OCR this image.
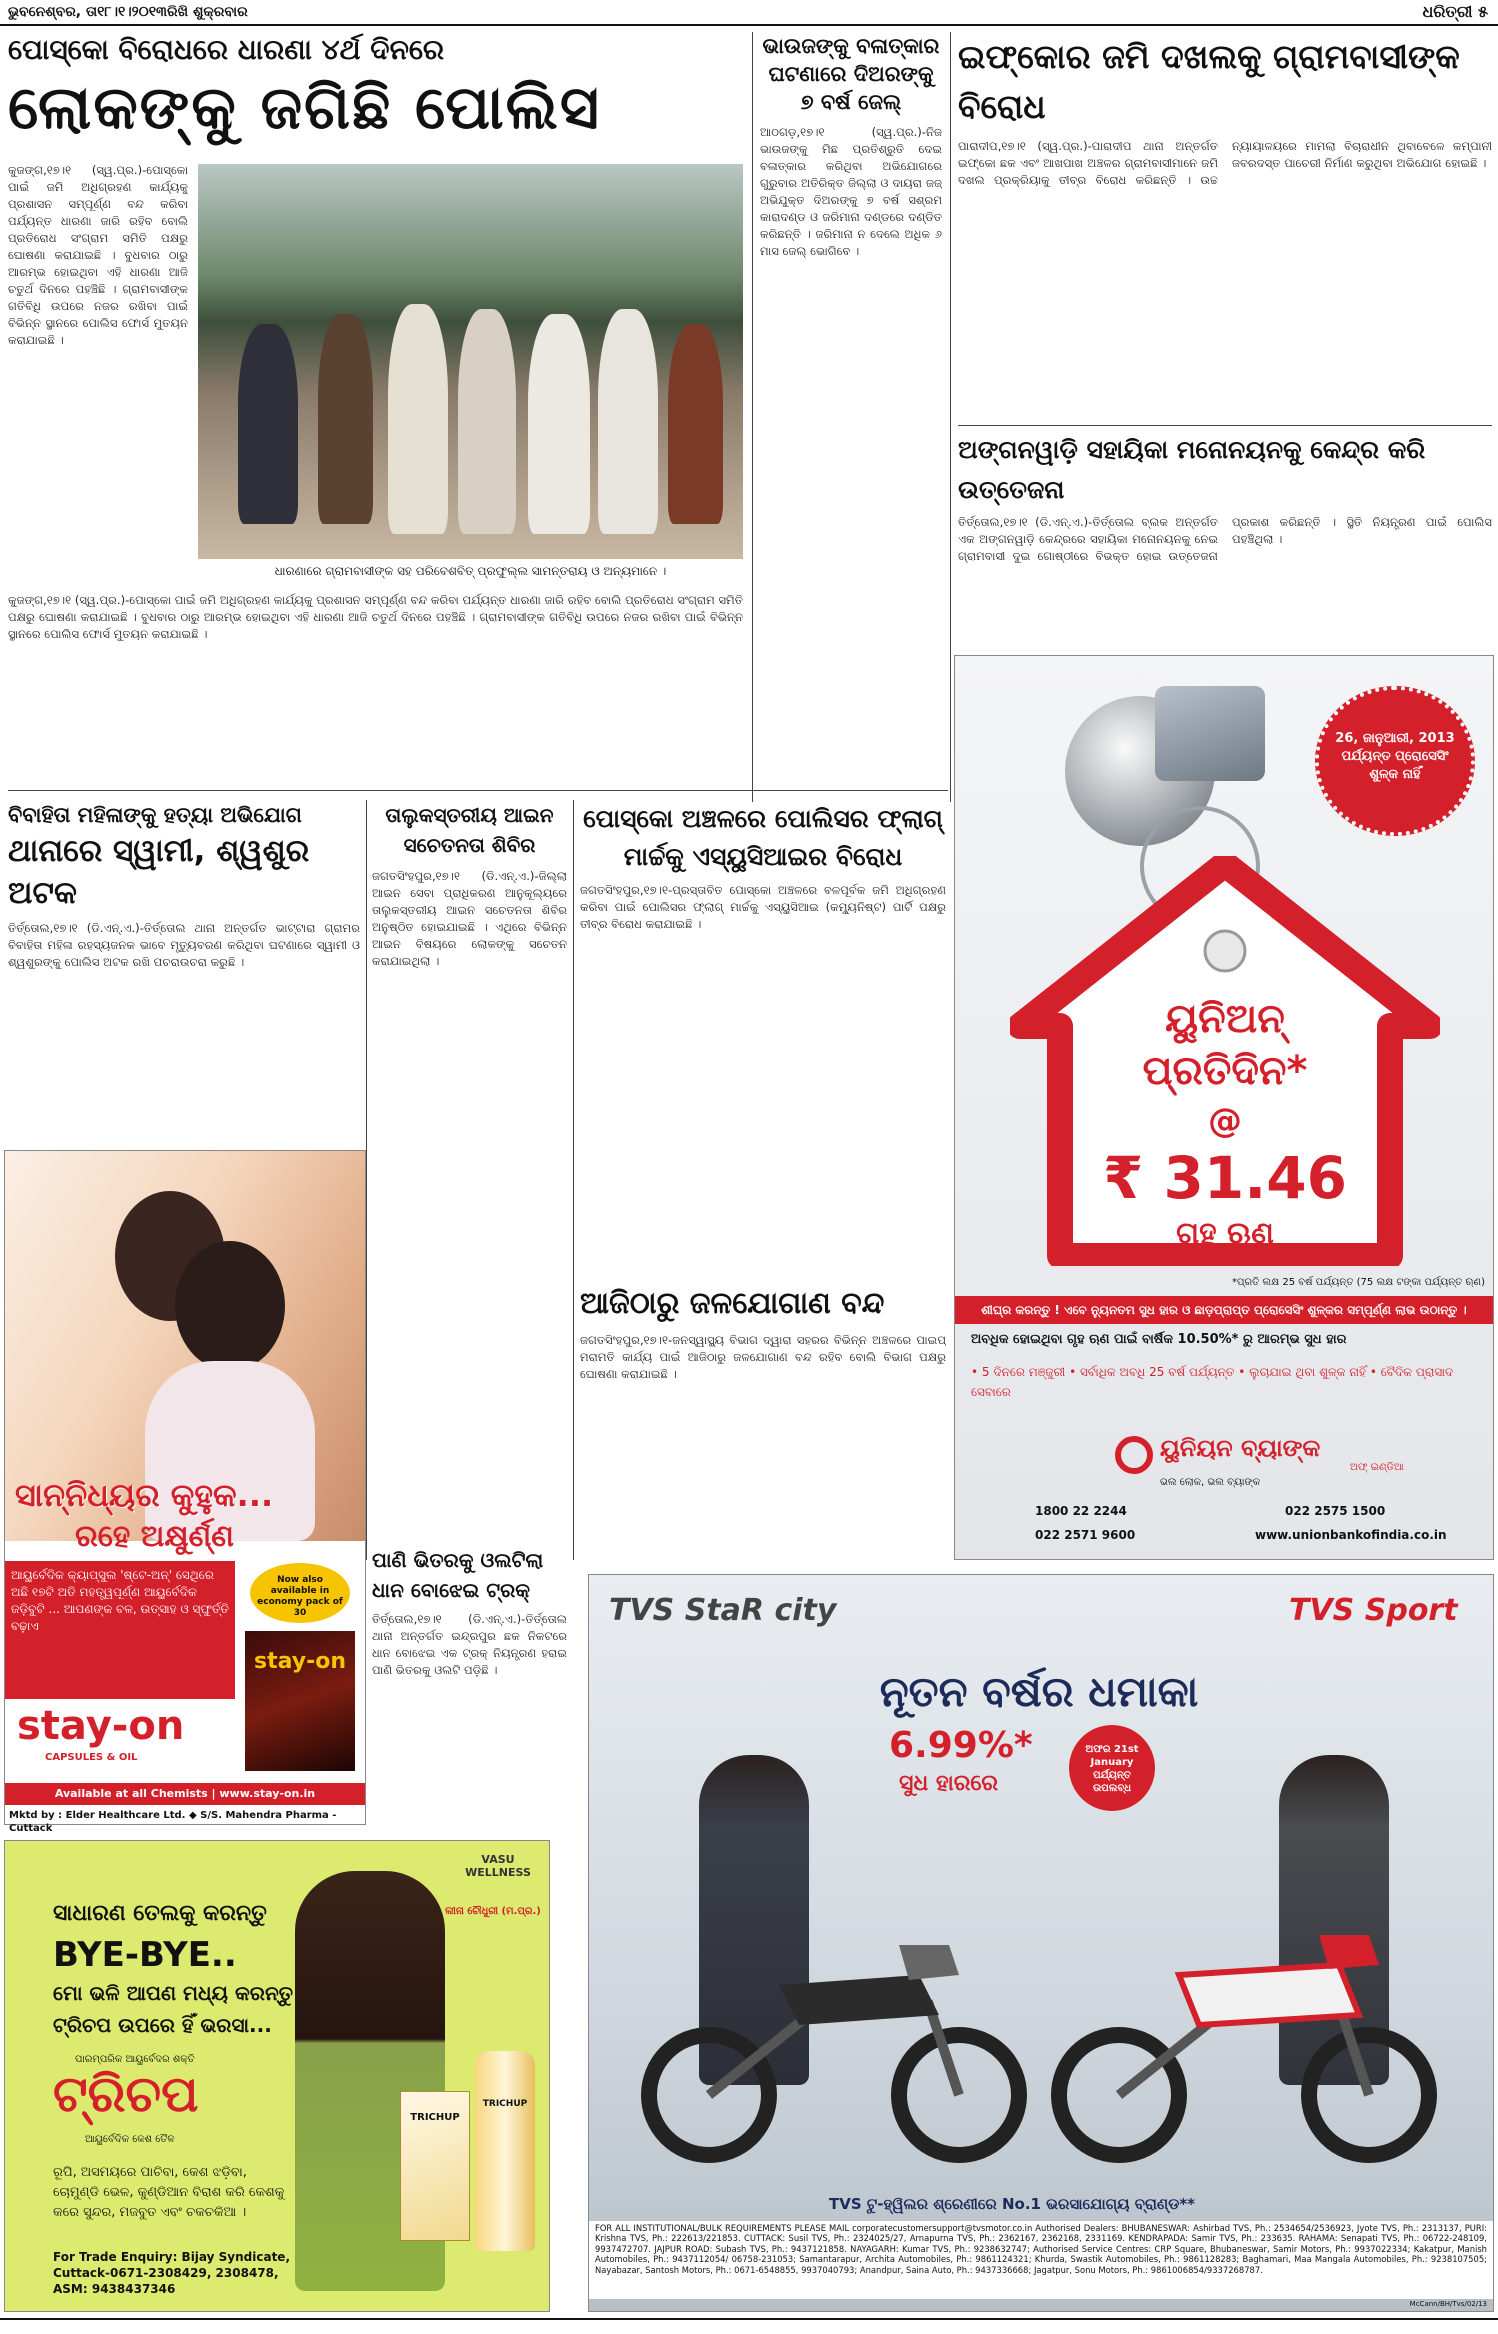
ଭୁବନେଶ୍ବର, ତା୧୮।୧।୨୦୧୩ରିଖି ଶୁକ୍ରବାର	ଧରିତ୍ରୀ ୫
ପୋସ୍କୋ ବିରୋଧରେ ଧାରଣା ୪ର୍ଥ ଦିନରେ
ଲୋକଙ୍କୁ ଜଗିଛି ପୋଲିସ
କୁଜଙ୍ଗ,୧୭।୧ (ସ୍ୱ.ପ୍ର.)-ପୋସ୍କୋ ପାଇଁ ଜମି ଅଧିଗ୍ରହଣ କାର୍ଯ୍ୟକୁ ପ୍ରଶାସନ ସମ୍ପୂର୍ଣ୍ଣ ବନ୍ଦ କରିବା ପର୍ଯ୍ୟନ୍ତ ଧାରଣା ଜାରି ରହିବ ବୋଲି ପ୍ରତିରୋଧ ସଂଗ୍ରାମ ସମିତି ପକ୍ଷରୁ ଘୋଷଣା କରାଯାଇଛି । ବୁଧବାର ଠାରୁ ଆରମ୍ଭ ହୋଇଥିବା ଏହି ଧାରଣା ଆଜି ଚତୁର୍ଥ ଦିନରେ ପହଞ୍ଚିଛି । ଗ୍ରାମବାସୀଙ୍କ ଗତିବିଧି ଉପରେ ନଜର ରଖିବା ପାଇଁ ବିଭିନ୍ନ ସ୍ଥାନରେ ପୋଲିସ ଫୋର୍ସ ମୁତୟନ କରାଯାଇଛି ।
ଧାରଣାରେ ଗ୍ରାମବାସୀଙ୍କ ସହ ପରିବେଶବିତ୍ ପ୍ରଫୁଲ୍ଲ ସାମନ୍ତରାୟ ଓ ଅନ୍ୟମାନେ ।
କୁଜଙ୍ଗ,୧୭।୧ (ସ୍ୱ.ପ୍ର.)-ପୋସ୍କୋ ପାଇଁ ଜମି ଅଧିଗ୍ରହଣ କାର୍ଯ୍ୟକୁ ପ୍ରଶାସନ ସମ୍ପୂର୍ଣ୍ଣ ବନ୍ଦ କରିବା ପର୍ଯ୍ୟନ୍ତ ଧାରଣା ଜାରି ରହିବ ବୋଲି ପ୍ରତିରୋଧ ସଂଗ୍ରାମ ସମିତି ପକ୍ଷରୁ ଘୋଷଣା କରାଯାଇଛି । ବୁଧବାର ଠାରୁ ଆରମ୍ଭ ହୋଇଥିବା ଏହି ଧାରଣା ଆଜି ଚତୁର୍ଥ ଦିନରେ ପହଞ୍ଚିଛି । ଗ୍ରାମବାସୀଙ୍କ ଗତିବିଧି ଉପରେ ନଜର ରଖିବା ପାଇଁ ବିଭିନ୍ନ ସ୍ଥାନରେ ପୋଲିସ ଫୋର୍ସ ମୁତୟନ କରାଯାଇଛି ।
ଭାଉଜଙ୍କୁ ବଳାତ୍କାର ଘଟଣାରେ ଦିଅରଙ୍କୁ ୭ ବର୍ଷ ଜେଲ୍
ଆଠଗଡ଼,୧୭।୧ (ସ୍ୱ.ପ୍ର.)-ନିଜ ଭାଉଜଙ୍କୁ ମିଛ ପ୍ରତିଶ୍ରୁତି ଦେଇ ବଳାତ୍କାର କରିଥିବା ଅଭିଯୋଗରେ ଗୁରୁବାର ଅତିରିକ୍ତ ଜିଲ୍ଲା ଓ ଦାୟରା ଜଜ୍ ଅଭିଯୁକ୍ତ ଦିଅରଙ୍କୁ ୭ ବର୍ଷ ସଶ୍ରମ କାରାଦଣ୍ଡ ଓ ଜରିମାନା ଦଣ୍ଡରେ ଦଣ୍ଡିତ କରିଛନ୍ତି । ଜରିମାନା ନ ଦେଲେ ଅଧିକ ୬ ମାସ ଜେଲ୍ ଭୋଗିବେ ।
ଇଫ୍‌କୋର ଜମି ଦଖଲକୁ ଗ୍ରାମବାସୀଙ୍କ ବିରୋଧ
ପାରାଦୀପ,୧୭।୧ (ସ୍ୱ.ପ୍ର.)-ପାରାଦୀପ ଥାନା ଅନ୍ତର୍ଗତ ଇଫ୍‌କୋ ଛକ ଏବଂ ଆଖପାଖ ଅଞ୍ଚଳର ଗ୍ରାମବାସୀମାନେ ଜମି ଦଖଲ ପ୍ରକ୍ରିୟାକୁ ତୀବ୍ର ବିରୋଧ କରିଛନ୍ତି । ଉଚ୍ଚ ନ୍ୟାୟାଳୟରେ ମାମଲା ବିଚାରାଧୀନ ଥିବାବେଳେ କମ୍ପାନୀ ଜବରଦସ୍ତ ପାଚେରୀ ନିର୍ମାଣ କରୁଥିବା ଅଭିଯୋଗ ହୋଇଛି ।
ଅଙ୍ଗନୱାଡ଼ି ସହାୟିକା ମନୋନୟନକୁ କେନ୍ଦ୍ର କରି ଉତ୍ତେଜନା
ତିର୍ତ୍ତୋଲ,୧୭।୧ (ଡି.ଏନ୍.ଏ.)-ତିର୍ତ୍ତୋଲ ବ୍ଲକ ଅନ୍ତର୍ଗତ ଏକ ଅଙ୍ଗନୱାଡ଼ି କେନ୍ଦ୍ରରେ ସହାୟିକା ମନୋନୟନକୁ ନେଇ ଗ୍ରାମବାସୀ ଦୁଇ ଗୋଷ୍ଠୀରେ ବିଭକ୍ତ ହୋଇ ଉତ୍ତେଜନା ପ୍ରକାଶ କରିଛନ୍ତି । ସ୍ଥିତି ନିୟନ୍ତ୍ରଣ ପାଇଁ ପୋଲିସ ପହଞ୍ଚିଥିଲା ।
26, ଜାନୁଆରୀ, 2013 ପର୍ଯ୍ୟନ୍ତ ପ୍ରୋସେସିଂ ଶୁଳ୍କ ନାହିଁ
ୟୁନିଅନ୍
ପ୍ରତିଦିନ*
@
₹ 31.46
ଗୃହ ଋଣ
*ପ୍ରତି ଲକ୍ଷ 25 ବର୍ଷ ପର୍ଯ୍ୟନ୍ତ (75 ଲକ୍ଷ ଟଙ୍କା ପର୍ଯ୍ୟନ୍ତ ଋଣ)
ଶୀଘ୍ର କରନ୍ତୁ ! ଏବେ ନ୍ୟୁନତମ ସୁଧ ହାର ଓ ଛାଡ଼ପ୍ରାପ୍ତ ପ୍ରୋସେସିଂ ଶୁଳ୍କର ସମ୍ପୂର୍ଣ୍ଣ ଲାଭ ଉଠାନ୍ତୁ ।
ଅବଧିକ ହୋଇଥିବା ଗୃହ ଋଣ ପାଇଁ ବାର୍ଷିକ 10.50%* ରୁ ଆରମ୍ଭ ସୁଧ ହାର
• 5 ଦିନରେ ମଞ୍ଜୁରୀ • ସର୍ବାଧିକ ଅବଧି 25 ବର୍ଷ ପର୍ଯ୍ୟନ୍ତ • ଲୁଚାଯାଇ ଥିବା ଶୁଳ୍କ ନାହିଁ • ବୈଦିକ ପ୍ରାସାଦ ସେବାରେ
ୟୁନିୟନ ବ୍ୟାଙ୍କ
ଅଫ୍ ଇଣ୍ଡିଆ
ଭଲ ଲୋକ, ଭଲ ବ୍ୟାଙ୍କ
1800 22 2244	022 2575 1500
022 2571 9600	www.unionbankofindia.co.in
ବିବାହିତା ମହିଳାଙ୍କୁ ହତ୍ୟା ଅଭିଯୋଗ
ଥାନାରେ ସ୍ୱାମୀ, ଶ୍ୱଶୁର ଅଟକ
ତିର୍ତ୍ତୋଲ,୧୭।୧ (ଡି.ଏନ୍.ଏ.)-ତିର୍ତ୍ତୋଲ ଥାନା ଅନ୍ତର୍ଗତ ଭାଟ୍ଟାରା ଗ୍ରାମର ବିବାହିତା ମହିଳା ରହସ୍ୟଜନକ ଭାବେ ମୃତ୍ୟୁବରଣ କରିଥିବା ଘଟଣାରେ ସ୍ୱାମୀ ଓ ଶ୍ୱଶୁରଙ୍କୁ ପୋଲିସ ଅଟକ ରଖି ପଚରାଉଚରା କରୁଛି ।
ତାଲୁକସ୍ତରୀୟ ଆଇନ ସଚେତନତା ଶିବିର
ଜଗତସିଂହପୁର,୧୭।୧ (ଡି.ଏନ୍.ଏ.)-ଜିଲ୍ଲା ଆଇନ ସେବା ପ୍ରାଧିକରଣ ଆନୁକୂଲ୍ୟରେ ତାଲୁକସ୍ତରୀୟ ଆଇନ ସଚେତନତା ଶିବିର ଅନୁଷ୍ଠିତ ହୋଇଯାଇଛି । ଏଥିରେ ବିଭିନ୍ନ ଆଇନ ବିଷୟରେ ଲୋକଙ୍କୁ ସଚେତନ କରାଯାଇଥିଲା ।
ପୋସ୍କୋ ଅଞ୍ଚଳରେ ପୋଲିସର ଫ୍ଲାଗ୍ ମାର୍ଚ୍ଚକୁ ଏସ୍‌ୟୁସିଆଇର ବିରୋଧ
ଜଗତସିଂହପୁର,୧୭।୧-ପ୍ରସ୍ତାବିତ ପୋସ୍କୋ ଅଞ୍ଚଳରେ ବଳପୂର୍ବକ ଜମି ଅଧିଗ୍ରହଣ କରିବା ପାଇଁ ପୋଲିସର ଫ୍ଲାଗ୍ ମାର୍ଚ୍ଚକୁ ଏସ୍‌ୟୁସିଆଇ (କମ୍ୟୁନିଷ୍ଟ) ପାର୍ଟି ପକ୍ଷରୁ ତୀବ୍ର ବିରୋଧ କରାଯାଇଛି ।
ଆଜିଠାରୁ ଜଳଯୋଗାଣ ବନ୍ଦ
ଜଗତସିଂହପୁର,୧୭।୧-ଜନସ୍ୱାସ୍ଥ୍ୟ ବିଭାଗ ଦ୍ୱାରା ସହରର ବିଭିନ୍ନ ଅଞ୍ଚଳରେ ପାଇପ୍ ମରାମତି କାର୍ଯ୍ୟ ପାଇଁ ଆଜିଠାରୁ ଜଳଯୋଗାଣ ବନ୍ଦ ରହିବ ବୋଲି ବିଭାଗ ପକ୍ଷରୁ ଘୋଷଣା କରାଯାଇଛି ।
ପାଣି ଭିତରକୁ ଓଲଟିଲା ଧାନ ବୋଝେଇ ଟ୍ରକ୍
ତିର୍ତ୍ତୋଲ,୧୭।୧ (ଡି.ଏନ୍.ଏ.)-ତିର୍ତ୍ତୋଲ ଥାନା ଅନ୍ତର୍ଗତ ଇନ୍ଦ୍ରପୁର ଛକ ନିକଟରେ ଧାନ ବୋଝେଇ ଏକ ଟ୍ରକ୍ ନିୟନ୍ତ୍ରଣ ହରାଇ ପାଣି ଭିତରକୁ ଓଲଟି ପଡ଼ିଛି ।
ସାନ୍ନିଧ୍ୟର କୁହୁକ...
ରହେ ଅକ୍ଷୁର୍ଣ୍ଣ
ଆୟୁର୍ବେଦିକ କ୍ୟାପ୍ସୁଲ 'ଷ୍ଟେ-ଅନ୍' ସେଥିରେ ଅଛି ୧୭ଟି ଅତି ମହତ୍ତ୍ୱପୂର୍ଣ୍ଣ ଆୟୁର୍ବେଦିକ ଜଡ଼ିବୁଟି ... ଆପଣଙ୍କ ବଳ, ଉତ୍ସାହ ଓ ସ୍ଫୁର୍ତ୍ତି ବଢ଼ାଏ
Now also available in economy pack of 30
stay-on
stay-on
CAPSULES & OIL
Available at all Chemists | www.stay-on.in
Mktd by : Elder Healthcare Ltd. ◆ S/S. Mahendra Pharma - Cuttack
VASU WELLNESS
ସାଧାରଣ ତେଲକୁ କରନ୍ତୁ
BYE-BYE..
ମୋ ଭଳି ଆପଣ ମଧ୍ୟ କରନ୍ତୁ
ଟ୍ରିଚପ ଉପରେ ହିଁ ଭରସା...
ପାରମ୍ପରିକ ଆୟୁର୍ବେଦର ଶକ୍ତି
ଟ୍ରିଚପ
ଆୟୁର୍ବେଦିକ କେଶ ତୈଳ
ଲୀନା ଚୌଧୁରୀ (ମ.ପ୍ର.)
TRICHUP
TRICHUP
ରୂପି, ଅସମୟରେ ପାଚିବା, କେଶ ଝଡ଼ିବା, ଚୋମୁଣ୍ଡି ଭେଳ, କୁଣ୍ଡିଆନ ବିରାଶ କରି କେଶକୁ କରେ ସୁନ୍ଦର, ମଜବୁତ ଏବଂ ଚକଚକିଆ ।
For Trade Enquiry: Bijay Syndicate, Cuttack-0671-2308429, 2308478, ASM: 9438437346
TVS StaR city	TVS Sport
ନୂତନ ବର୍ଷର ଧମାକା
6.99%*
ସୁଧ ହାରରେ
ଅଫର 21st January ପର୍ଯ୍ୟନ୍ତ ଉପଲବ୍ଧ
TVS ଟୁ-ହ୍ୱିଲର ଶ୍ରେଣୀରେ No.1 ଭରସାଯୋଗ୍ୟ ବ୍ରାଣ୍ଡ**
FOR ALL INSTITUTIONAL/BULK REQUIREMENTS PLEASE MAIL corporatecustomersupport@tvsmotor.co.in Authorised Dealers: BHUBANESWAR: Ashirbad TVS, Ph.: 2534654/2536923, Jyote TVS, Ph.: 2313137, PURI: Krishna TVS, Ph.: 222613/221853. CUTTACK: Susil TVS, Ph.: 2324025/27, Arnapurna TVS, Ph.: 2362167, 2362168, 2331169. KENDRAPADA: Samir TVS, Ph.: 233635. RAHAMA: Senapati TVS, Ph.: 06722-248109, 9937472707. JAJPUR ROAD: Subash TVS, Ph.: 9437121858. NAYAGARH: Kumar TVS, Ph.: 9238632747; Authorised Service Centres: CRP Square, Bhubaneswar, Samir Motors, Ph.: 9937022334; Kakatpur, Manish Automobiles, Ph.: 9437112054/ 06758-231053; Samantarapur, Archita Automobiles, Ph.: 9861124321; Khurda, Swastik Automobiles, Ph.: 9861128283; Baghamari, Maa Mangala Automobiles, Ph.: 9238107505; Nayabazar, Santosh Motors, Ph.: 0671-6548855, 9937040793; Anandpur, Saina Auto, Ph.: 9437336668; Jagatpur, Sonu Motors, Ph.: 9861006854/9337268787.
McCann/BH/Tvs/02/13
